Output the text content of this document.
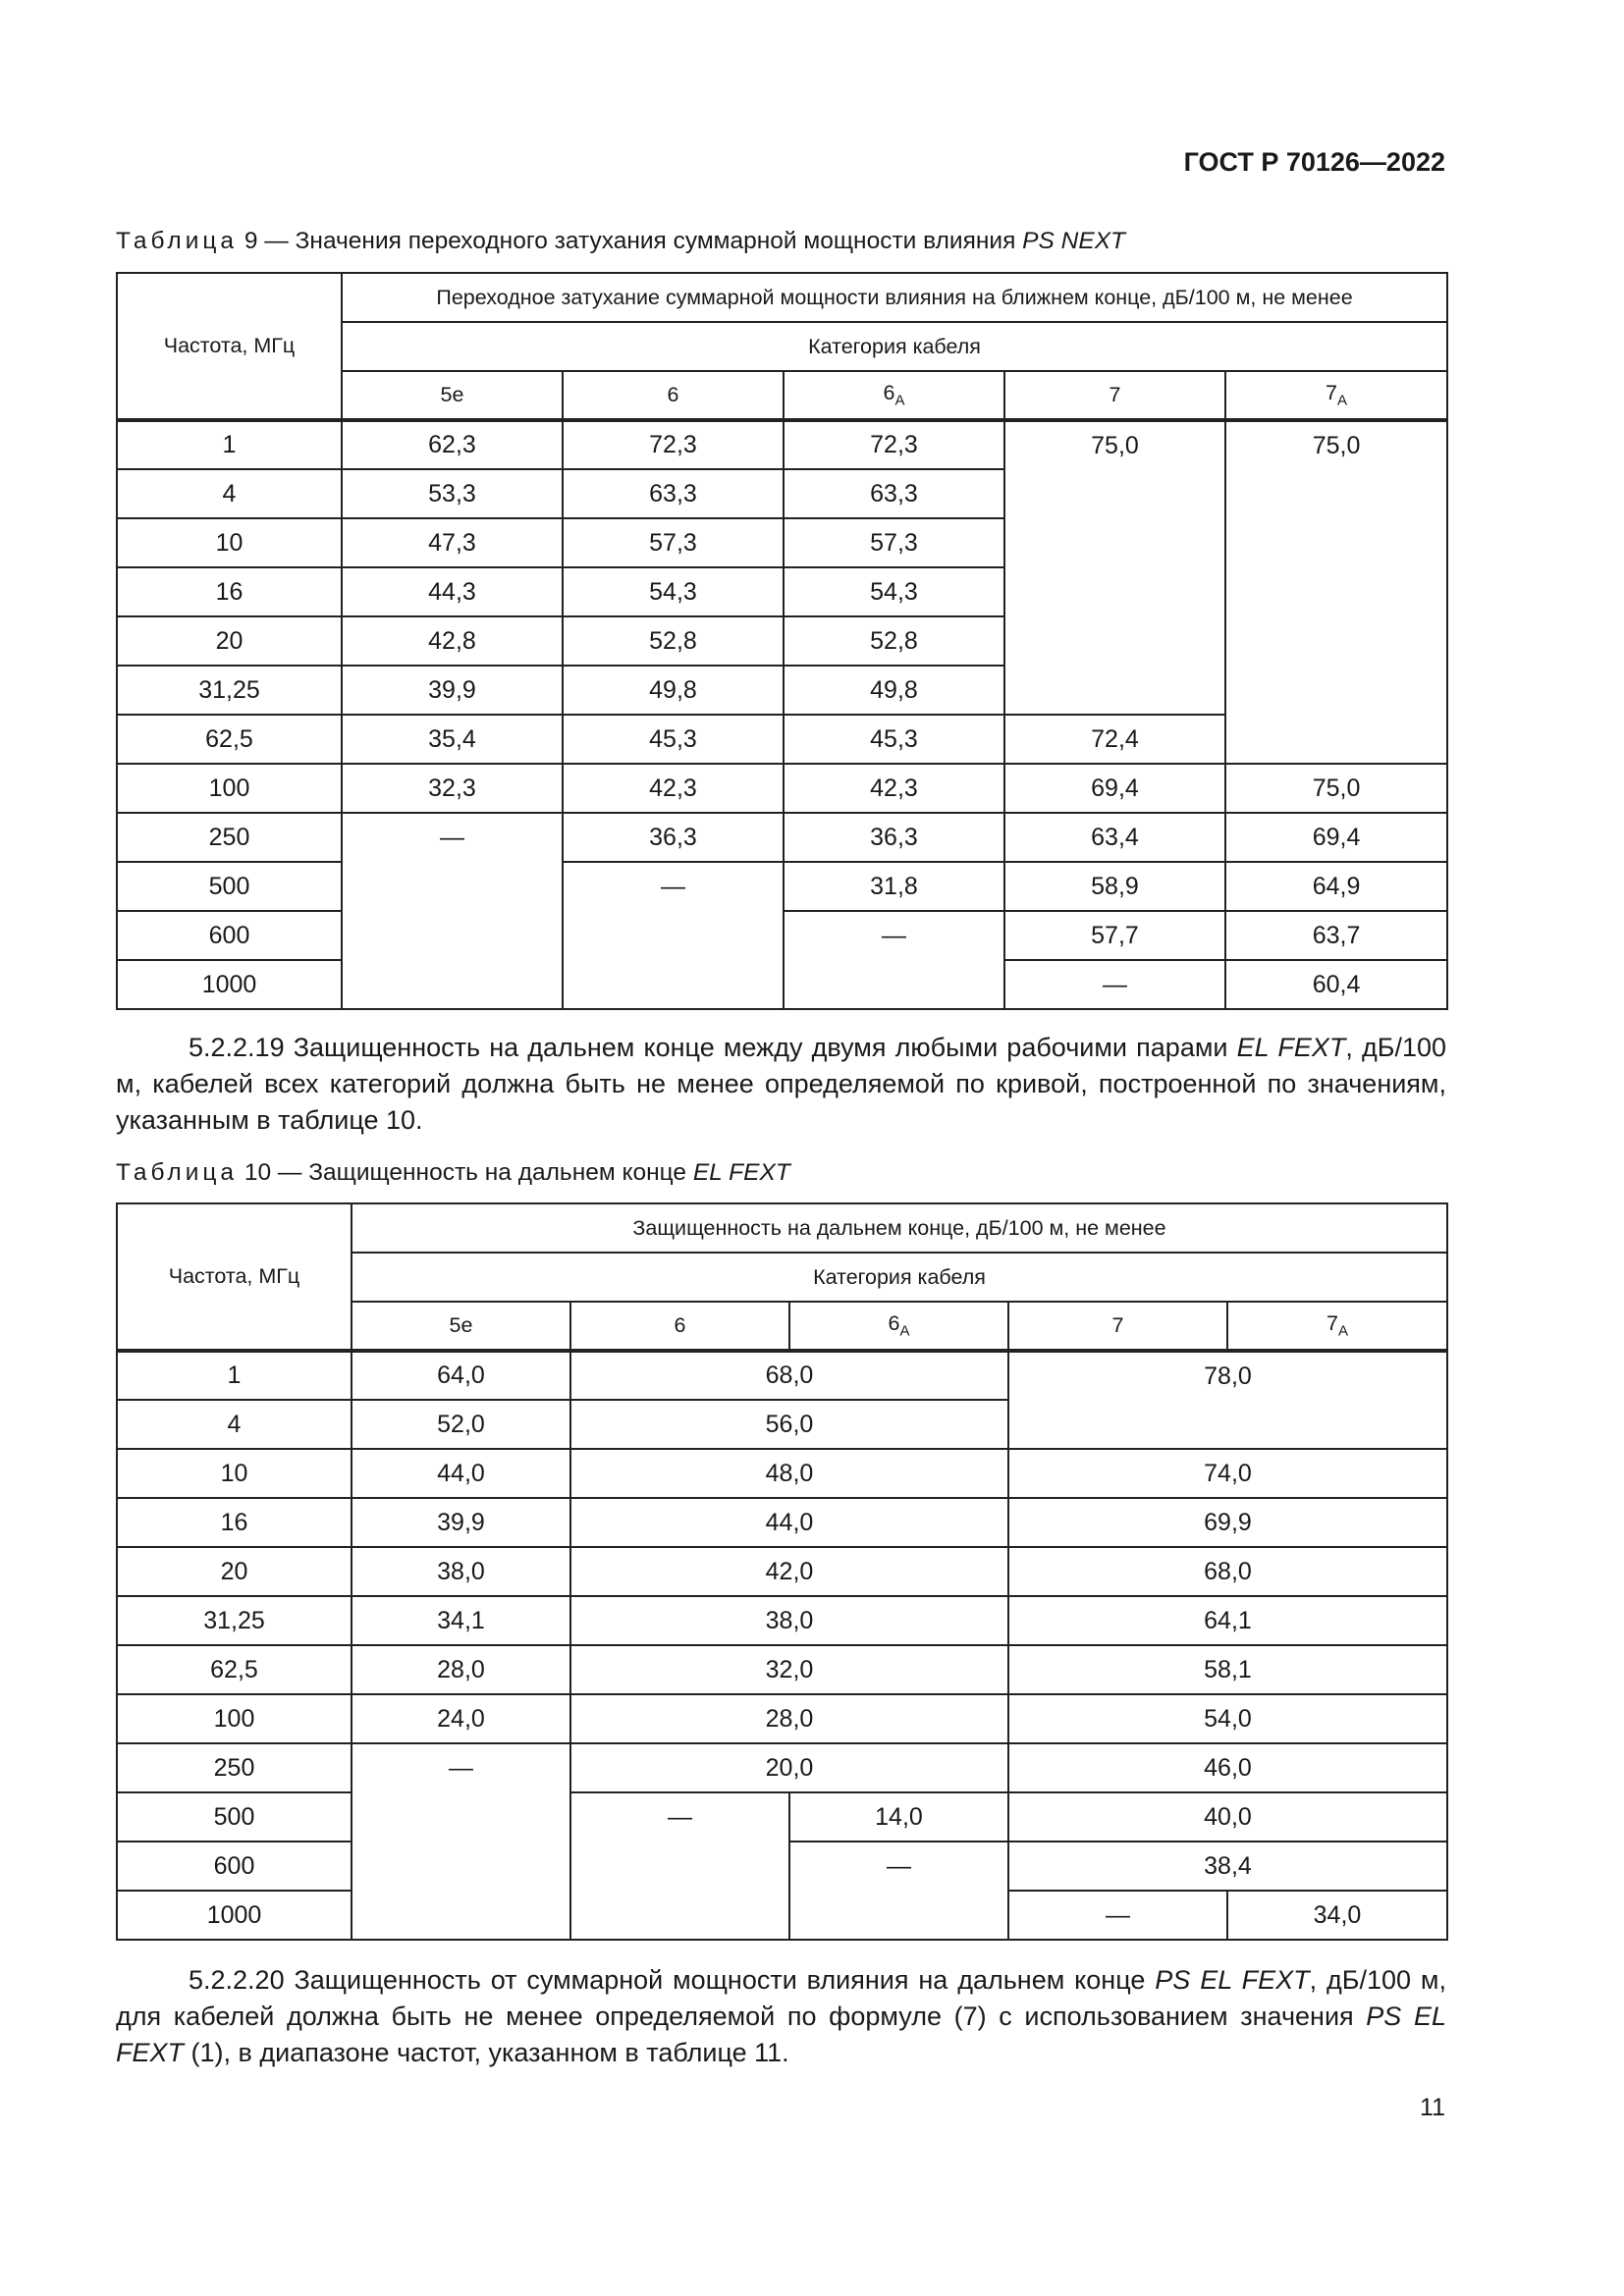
ГОСТ Р 70126—2022
Таблица 9 — Значения переходного затухания суммарной мощности влияния PS NEXT
Частота, МГц	Переходное затухание суммарной мощности влияния на ближнем конце, дБ/100 м, не менее				
	Категория кабеля				
	5e	6	$6_A$	7	$7_A$
1	62,3	72,3	72,3	75,0	75,0
4	53,3	63,3	63,3		
10	47,3	57,3	57,3		
16	44,3	54,3	54,3		
20	42,8	52,8	52,8		
31,25	39,9	49,8	49,8		
62,5	35,4	45,3	45,3	72,4	
100	32,3	42,3	42,3	69,4	75,0
250	—	36,3	36,3	63,4	69,4
500		—	31,8	58,9	64,9
600			—	57,7	63,7
1000				—	60,4
5.2.2.19 Защищенность на дальнем конце между двумя любыми рабочими парами EL FEXT, дБ/100 м, кабелей всех категорий должна быть не менее определяемой по кривой, построенной по значениям, указанным в таблице 10.
Таблица 10 — Защищенность на дальнем конце EL FEXT
Частота, МГц	Защищенность на дальнем конце, дБ/100 м, не менее				
	Категория кабеля				
	5e	6	$6_A$	7	$7_A$
1	64,0	68,0		78,0	
4	52,0	56,0			
10	44,0	48,0		74,0	
16	39,9	44,0		69,9	
20	38,0	42,0		68,0	
31,25	34,1	38,0		64,1	
62,5	28,0	32,0		58,1	
100	24,0	28,0		54,0	
250	—	20,0		46,0	
500		—	14,0	40,0	
600			—	38,4	
1000				—	34,0
5.2.2.20 Защищенность от суммарной мощности влияния на дальнем конце PS EL FEXT, дБ/100 м, для кабелей должна быть не менее определяемой по формуле (7) с использованием значения PS EL FEXT (1), в диапазоне частот, указанном в таблице 11.
11
